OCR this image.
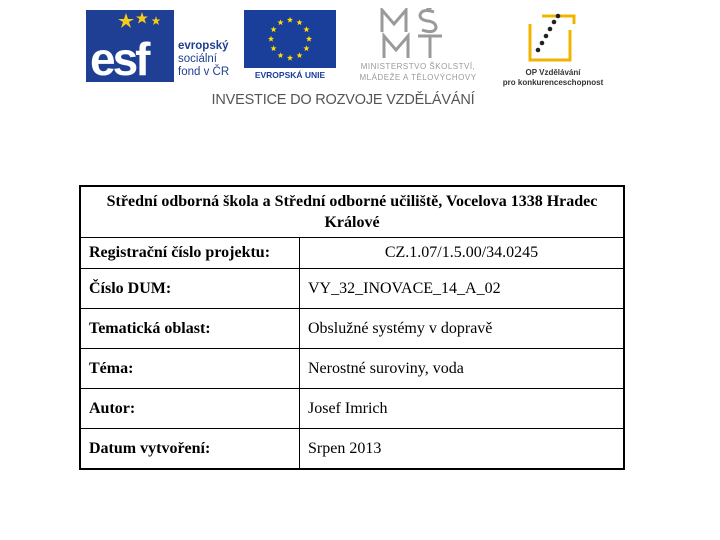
esf	evropský
sociální
fond v ČR	EVROPSKÁ UNIE
MINISTERSTVO ŠKOLSTVÍ,
MLÁDEŽE A TĚLOVÝCHOVY
OP Vzdělávání
pro konkurenceschopnost
INVESTICE DO ROZVOJE VZDĚLÁVÁNÍ
Střední odborná škola a Střední odborné učiliště, Vocelova 1338 Hradec Králové	
Registrační číslo projektu:	CZ.1.07/1.5.00/34.0245
Číslo DUM:	VY_32_INOVACE_14_A_02
Tematická oblast:	Obslužné systémy v dopravě
Téma:	Nerostné suroviny, voda
Autor:	Josef Imrich
Datum vytvoření:	Srpen 2013
